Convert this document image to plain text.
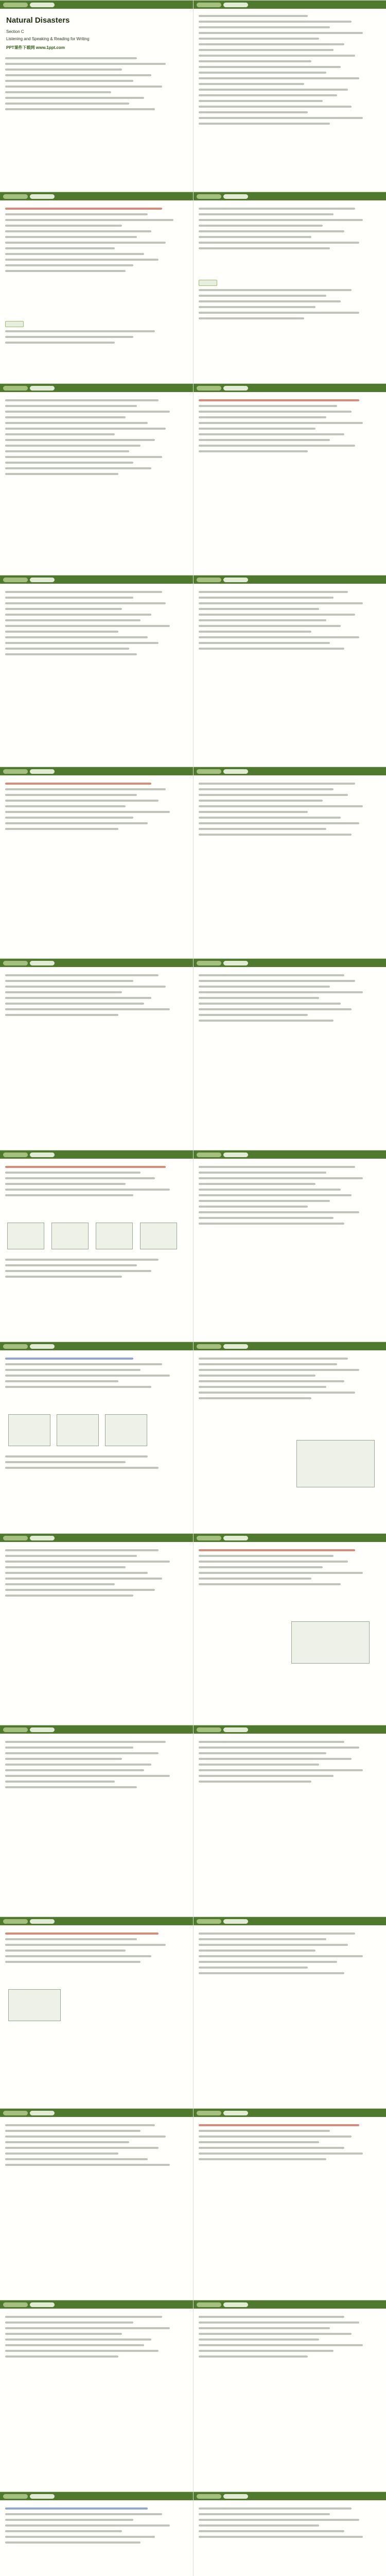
Natural Disasters
Section C
Listening and Speaking & Reading for Writing
PPT课件下载网 www.1ppt.com
